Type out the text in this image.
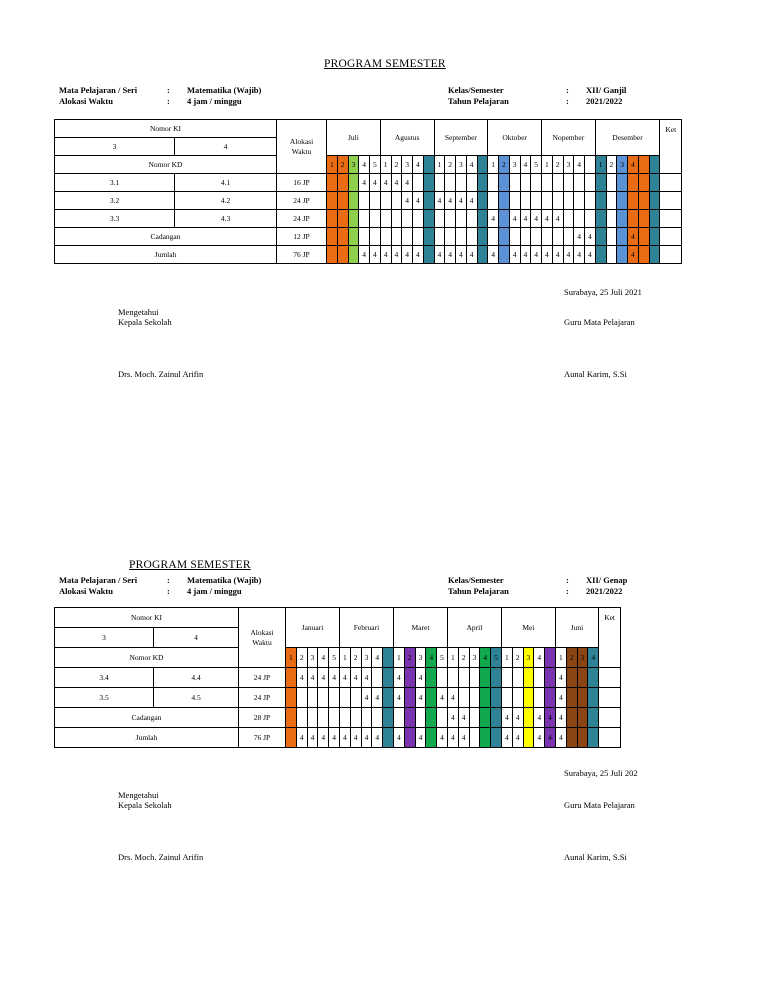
PROGRAM SEMESTER
Mata Pelajaran / Seri	: Matematika (Wajib)
Alokasi Waktu	: 4 jam / minggu
Kelas/Semester	: XII/ Ganjil
Tahun Pelajaran	: 2021/2022
Nomor KI		Alokasi
Waktu	Juli					Agustus					September					Oktober					Nopember					Desember						Ket
3	4																																	
Nomor KD			1	2	3	4	5	1	2	3	4		1	2	3	4		1	2	3	4	5	1	2	3	4		1	2	3	4			
3.1	4.1	16 JP				4	4	4	4	4																								
3.2	4.2	24 JP								4	4		4	4	4	4																		
3.3	4.3	24 JP																4		4	4	4	4	4										
Cadangan		12 JP																								4	4				4			
Jumlah		76 JP				4	4	4	4	4	4		4	4	4	4		4		4	4	4	4	4	4	4	4				4			
Surabaya, 25 Juli 2021
Mengetahui
Kepala Sekolah	Guru Mata Pelajaran
Drs. Moch. Zainul Arifin	Aunal Karim, S.Si
PROGRAM SEMESTER
Mata Pelajaran / Seri	: Matematika (Wajib)
Alokasi Waktu	: 4 jam / minggu
Kelas/Semester	: XII/ Genap
Tahun Pelajaran	: 2021/2022
Nomor KI		Alokasi
Waktu	Januari					Februari					Maret					April					Mei					Juni				Ket
3	4																															
Nomor KD			1	2	3	4	5	1	2	3	4		1	2	3	4	5	1	2	3	4	5	1	2	3	4		1	2	3	4	
3.4	4.4	24 JP		4	4	4	4	4	4	4			4		4													4				
3.5	4.5	24 JP								4	4		4		4		4	4										4				
Cadangan		28 JP																4	4				4	4		4	4	4				
Jumlah		76 JP		4	4	4	4	4	4	4	4		4		4		4	4	4				4	4		4	4	4				
Surabaya, 25 Juli 202
Mengetahui
Kepala Sekolah	Guru Mata Pelajaran
Drs. Moch. Zainul Arifin	Aunal Karim, S.Si
